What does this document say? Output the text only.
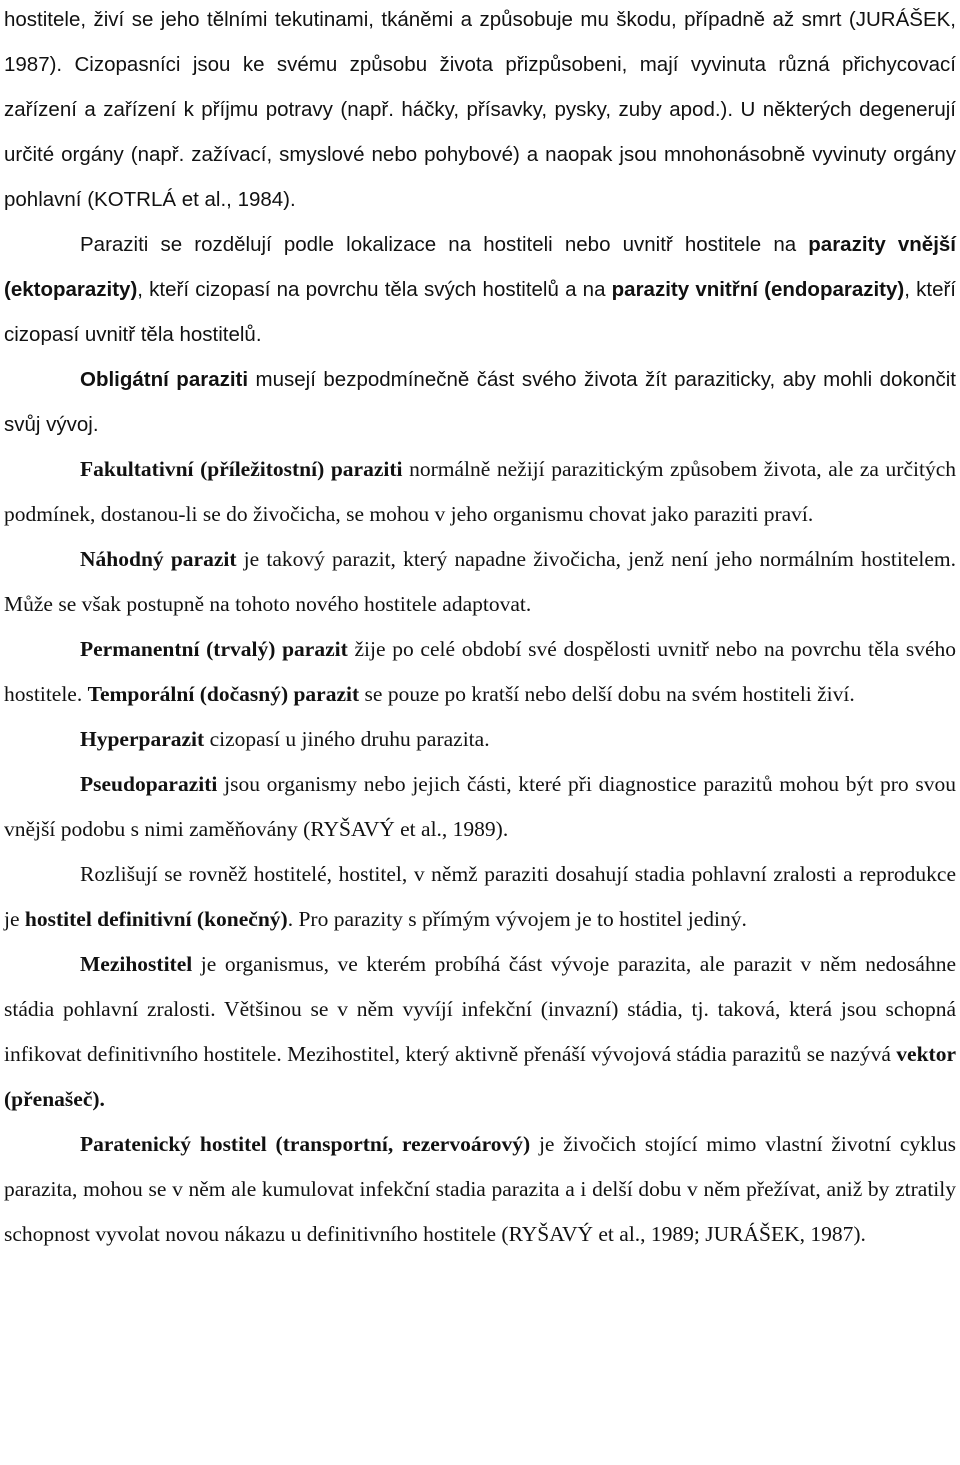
hostitele, živí se jeho tělními tekutinami, tkáněmi a způsobuje mu škodu, případně až smrt (JURÁŠEK, 1987). Cizopasníci jsou ke svému způsobu života přizpůsobeni, mají vyvinuta různá přichycovací zařízení a zařízení k příjmu potravy (např. háčky, přísavky, pysky, zuby apod.). U některých degenerují určité orgány (např. zažívací, smyslové nebo pohybové) a naopak jsou mnohonásobně vyvinuty orgány pohlavní (KOTRLÁ et al., 1984).

Paraziti se rozdělují podle lokalizace na hostiteli nebo uvnitř hostitele na parazity vnější (ektoparazity), kteří cizopasí na povrchu těla svých hostitelů a na parazity vnitřní (endoparazity), kteří cizopasí uvnitř těla hostitelů.

Obligátní paraziti musejí bezpodmínečně část svého života žít paraziticky, aby mohli dokončit svůj vývoj.

Fakultativní (příležitostní) paraziti normálně nežijí parazitickým způsobem života, ale za určitých podmínek, dostanou-li se do živočicha, se mohou v jeho organismu chovat jako paraziti praví.

Náhodný parazit je takový parazit, který napadne živočicha, jenž není jeho normálním hostitelem. Může se však postupně na tohoto nového hostitele adaptovat.

Permanentní (trvalý) parazit žije po celé období své dospělosti uvnitř nebo na povrchu těla svého hostitele. Temporální (dočasný) parazit se pouze po kratší nebo delší dobu na svém hostiteli živí.

Hyperparazit cizopasí u jiného druhu parazita.

Pseudoparaziti jsou organismy nebo jejich části, které při diagnostice parazitů mohou být pro svou vnější podobu s nimi zaměňovány (RYŠAVÝ et al., 1989).

Rozlišují se rovněž hostitelé, hostitel, v němž paraziti dosahují stadia pohlavní zralosti a reprodukce je hostitel definitivní (konečný). Pro parazity s přímým vývojem je to hostitel jediný.

Mezihostitel je organismus, ve kterém probíhá část vývoje parazita, ale parazit v něm nedosáhne stádia pohlavní zralosti. Většinou se v něm vyvíjí infekční (invazní) stádia, tj. taková, která jsou schopná infikovat definitivního hostitele. Mezihostitel, který aktivně přenáší vývojová stádia parazitů se nazývá vektor (přenašeč).

Paratenický hostitel (transportní, rezervoárový) je živočich stojící mimo vlastní životní cyklus parazita, mohou se v něm ale kumulovat infekční stadia parazita a i delší dobu v něm přežívat, aniž by ztratily schopnost vyvolat novou nákazu u definitivního hostitele (RYŠAVÝ et al., 1989; JURÁŠEK, 1987).
